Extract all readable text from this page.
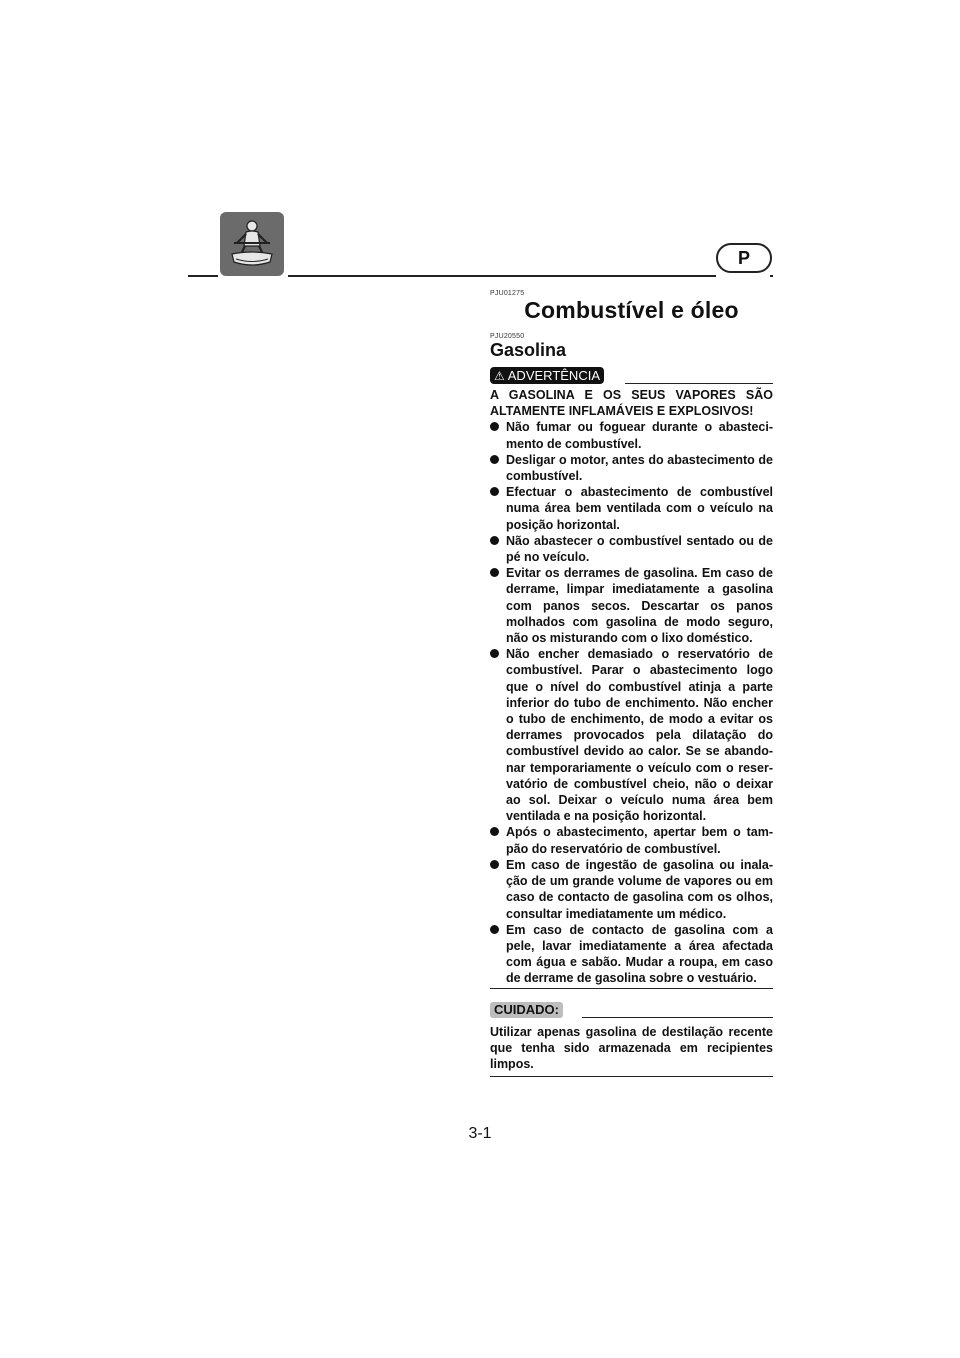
P
PJU01275
Combustível e óleo
PJU20550
Gasolina
⚠ ADVERTÊNCIA
A GASOLINA E OS SEUS VAPORES SÃO ALTAMENTE INFLAMÁVEIS E EXPLOSIVOS!
Não fumar ou foguear durante o abasteci-mento de combustível.
Desligar o motor, antes do abastecimento de combustível.
Efectuar o abastecimento de combustível numa área bem ventilada com o veículo na posição horizontal.
Não abastecer o combustível sentado ou de pé no veículo.
Evitar os derrames de gasolina. Em caso de derrame, limpar imediatamente a gasolina com panos secos. Descartar os panos molhados com gasolina de modo seguro, não os misturando com o lixo doméstico.
Não encher demasiado o reservatório de combustível. Parar o abastecimento logo que o nível do combustível atinja a parte inferior do tubo de enchimento. Não encher o tubo de enchimento, de modo a evitar os derrames provocados pela dilatação do combustível devido ao calor. Se se abando-nar temporariamente o veículo com o reser-vatório de combustível cheio, não o deixar ao sol. Deixar o veículo numa área bem ventilada e na posição horizontal.
Após o abastecimento, apertar bem o tam-pão do reservatório de combustível.
Em caso de ingestão de gasolina ou inala-ção de um grande volume de vapores ou em caso de contacto de gasolina com os olhos, consultar imediatamente um médico.
Em caso de contacto de gasolina com a pele, lavar imediatamente a área afectada com água e sabão. Mudar a roupa, em caso de derrame de gasolina sobre o vestuário.
CUIDADO:
Utilizar apenas gasolina de destilação recente que tenha sido armazenada em recipientes limpos.
3-1
